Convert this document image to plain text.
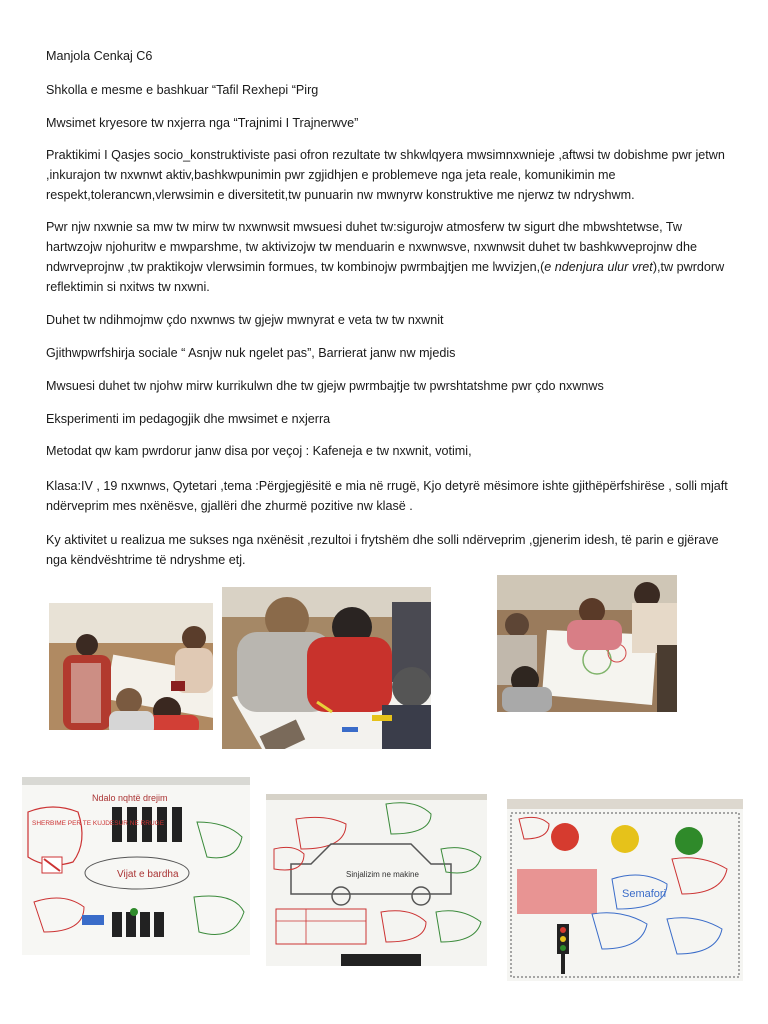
Manjola Cenkaj C6

Shkolla e mesme e bashkuar “Tafil Rexhepi “Pirg

Mwsimet kryesore tw nxjerra nga “Trajnimi I Trajnerwve”

Praktikimi I Qasjes socio_konstruktiviste pasi ofron rezultate tw shkwlqyera mwsimnxwnieje ,aftwsi tw dobishme pwr jetwn ,inkurajon tw nxwnwt aktiv,bashkwpunimin pwr zgjidhjen e problemeve nga jeta reale, komunikimin me respekt,tolerancwn,vlerwsimin e diversitetit,tw punuarin nw mwnyrw konstruktive me njerwz tw ndryshwm.

Pwr njw nxwnie sa mw tw mirw tw nxwnwsit mwsuesi duhet tw:sigurojw atmosferw tw sigurt dhe mbwshtetwse, Tw hartwzojw njohuritw e mwparshme, tw aktivizojw tw menduarin e nxwnwsve, nxwnwsit duhet tw bashkwveprojnw dhe ndwrveprojnw ,tw praktikojw vlerwsimin formues, tw kombinojw pwrmbajtjen me lwvizjen,(e ndenjura ulur vret),tw pwrdorw reflektimin si nxitws tw nxwni.

Duhet tw ndihmojmw çdo nxwnws tw gjejw mwnyrat e veta tw tw nxwnit

Gjithwpwrfshirja sociale “ Asnjw nuk ngelet pas”, Barrierat janw nw mjedis

Mwsuesi duhet tw njohw mirw kurrikulwn dhe tw gjejw pwrmbajtje tw pwrshtatshme pwr çdo nxwnws

Eksperimenti im pedagogjik dhe mwsimet e nxjerra

Metodat qw kam pwrdorur janw disa por veçoj : Kafeneja e tw nxwnit, votimi,

Klasa:IV , 19 nxwnws, Qytetari ,tema :Përgjegjësitë e mia në rrugë, Kjo detyrë mësimore ishte gjithëpërfshirëse , solli mjaft ndërveprim mes nxënësve, gjallëri dhe zhurmë pozitive nw klasë .

Ky aktivitet u realizua me sukses nga nxënësit ,rezultoi i frytshëm dhe solli ndërveprim ,gjenerim idesh, të parin e gjërave nga këndvështrime të ndryshme etj.

Ndalo nqhtë drejim
SHERBIME PER TE KUJDESUR NE RRUGE
Vijat e bardha	Sinjalizim ne makine
Semafori
